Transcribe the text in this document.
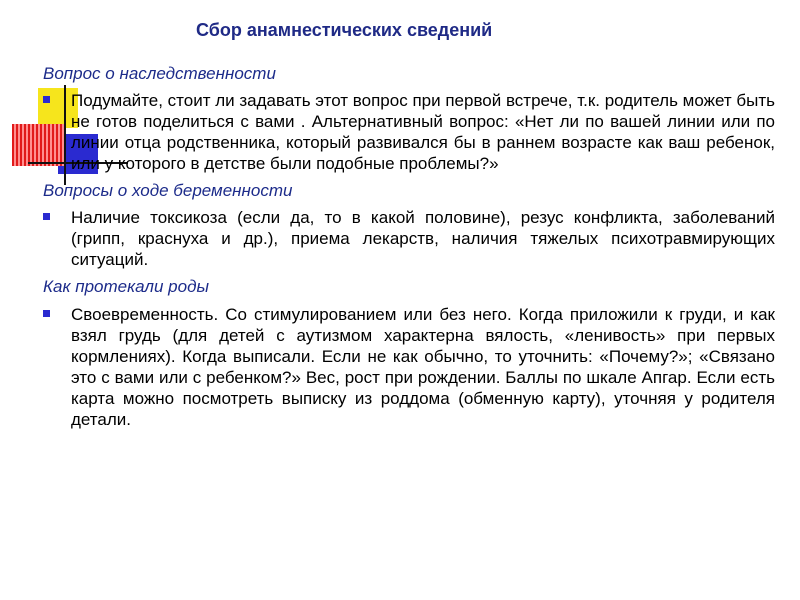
Сбор анамнестических сведений
Вопрос о наследственности

Подумайте, стоит ли задавать этот вопрос при первой встрече, т.к. родитель может быть не готов поделиться с вами . Альтернативный вопрос: «Нет ли по вашей линии или по линии отца родственника, который развивался бы в раннем возрасте как ваш ребенок, или у которого в детстве были подобные проблемы?»

Вопросы о ходе беременности

Наличие токсикоза (если да, то в какой половине), резус конфликта, заболеваний (грипп, краснуха и др.), приема лекарств, наличия тяжелых психотравмирующих ситуаций.

Как протекали роды

Своевременность. Со стимулированием или без него. Когда приложили к груди, и как взял грудь (для детей с аутизмом характерна вялость, «ленивость» при первых кормлениях). Когда выписали. Если не как обычно, то уточнить: «Почему?»; «Связано это с вами или с ребенком?» Вес, рост при рождении. Баллы по шкале Апгар. Если есть карта можно посмотреть выписку из роддома (обменную карту), уточняя у родителя детали.
